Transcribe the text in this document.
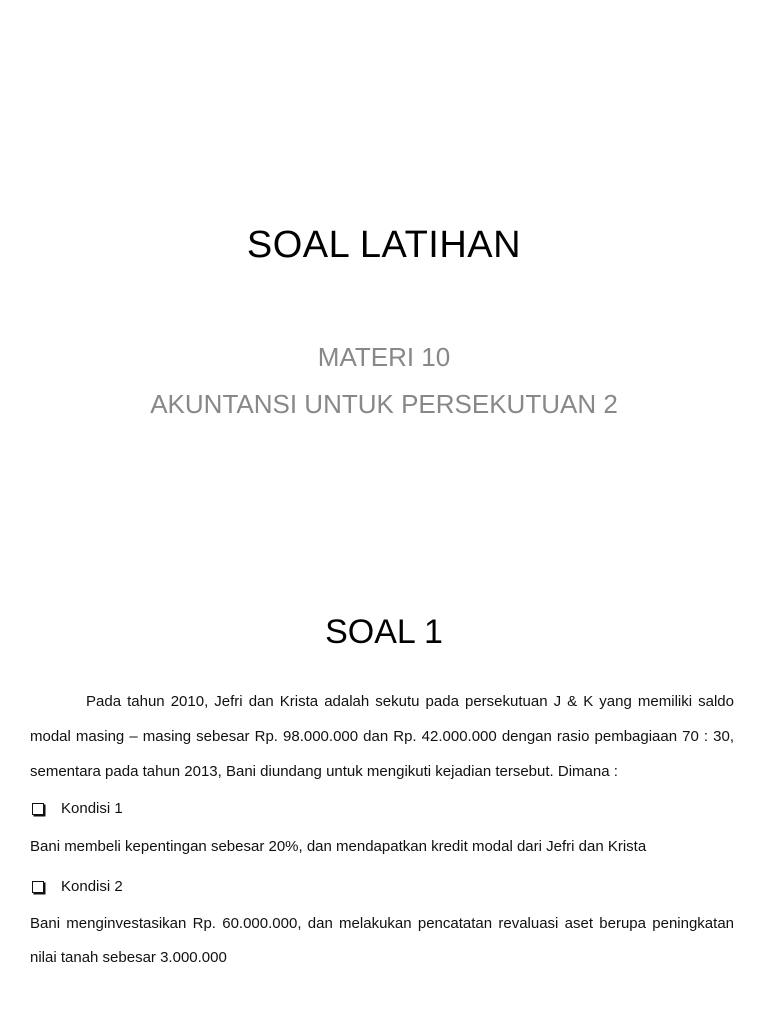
SOAL LATIHAN
MATERI 10
AKUNTANSI UNTUK PERSEKUTUAN 2
SOAL 1

Pada tahun 2010, Jefri dan Krista adalah sekutu pada persekutuan J & K yang memiliki saldo modal masing – masing sebesar Rp. 98.000.000 dan Rp. 42.000.000 dengan rasio pembagiaan 70 : 30, sementara pada tahun 2013, Bani diundang untuk mengikuti kejadian tersebut. Dimana :

Kondisi 1

Bani membeli kepentingan sebesar 20%, dan mendapatkan kredit modal dari Jefri dan Krista

Kondisi 2

Bani menginvestasikan Rp. 60.000.000, dan melakukan pencatatan revaluasi aset berupa peningkatan nilai tanah sebesar 3.000.000
